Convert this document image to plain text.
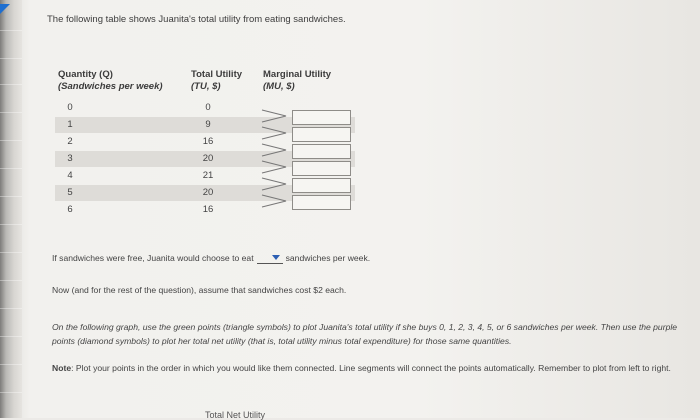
The following table shows Juanita's total utility from eating sandwiches.
Quantity (Q)
(Sandwiches per week)
Total Utility
(TU, $)
Marginal Utility
(MU, $)
0	0
1	9
2	16
3	20
4	21
5	20
6	16
If sandwiches were free, Juanita would choose to eat	sandwiches per week.
Now (and for the rest of the question), assume that sandwiches cost $2 each.
On the following graph, use the green points (triangle symbols) to plot Juanita's total utility if she buys 0, 1, 2, 3, 4, 5, or 6 sandwiches per week. Then use the purple points (diamond symbols) to plot her total net utility (that is, total utility minus total expenditure) for those same quantities.
Note: Plot your points in the order in which you would like them connected. Line segments will connect the points automatically. Remember to plot from left to right.
Total Net Utility
